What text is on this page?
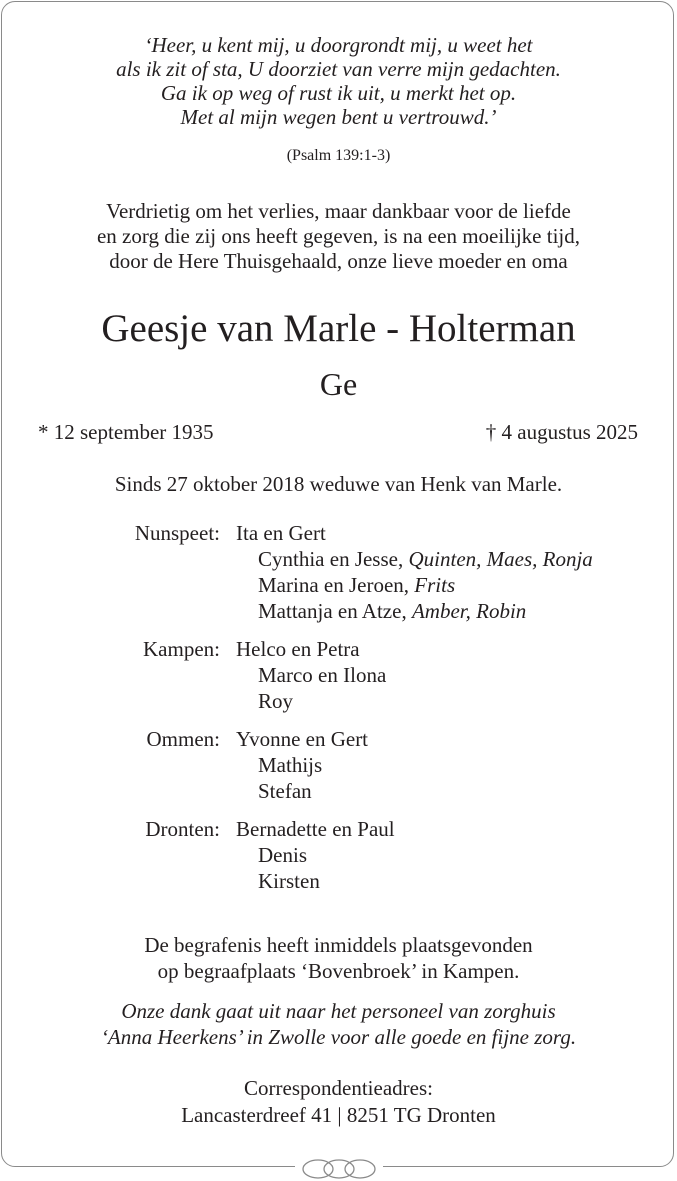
‘Heer, u kent mij, u doorgrondt mij, u weet het
als ik zit of sta, U doorziet van verre mijn gedachten.
Ga ik op weg of rust ik uit, u merkt het op.
Met al mijn wegen bent u vertrouwd.’
(Psalm 139:1-3)
Verdrietig om het verlies, maar dankbaar voor de liefde
en zorg die zij ons heeft gegeven, is na een moeilijke tijd,
door de Here Thuisgehaald, onze lieve moeder en oma
Geesje van Marle - Holterman
Ge
* 12 september 1935	† 4 augustus 2025
Sinds 27 oktober 2018 weduwe van Henk van Marle.
Nunspeet: Ita en Gert
Cynthia en Jesse, Quinten, Maes, Ronja
Marina en Jeroen, Frits
Mattanja en Atze, Amber, Robin
Kampen: Helco en Petra
Marco en Ilona
Roy
Ommen: Yvonne en Gert
Mathijs
Stefan
Dronten: Bernadette en Paul
Denis
Kirsten
De begrafenis heeft inmiddels plaatsgevonden
op begraafplaats ‘Bovenbroek’ in Kampen.
Onze dank gaat uit naar het personeel van zorghuis
‘Anna Heerkens’ in Zwolle voor alle goede en fijne zorg.
Correspondentieadres:
Lancasterdreef 41 | 8251 TG Dronten
